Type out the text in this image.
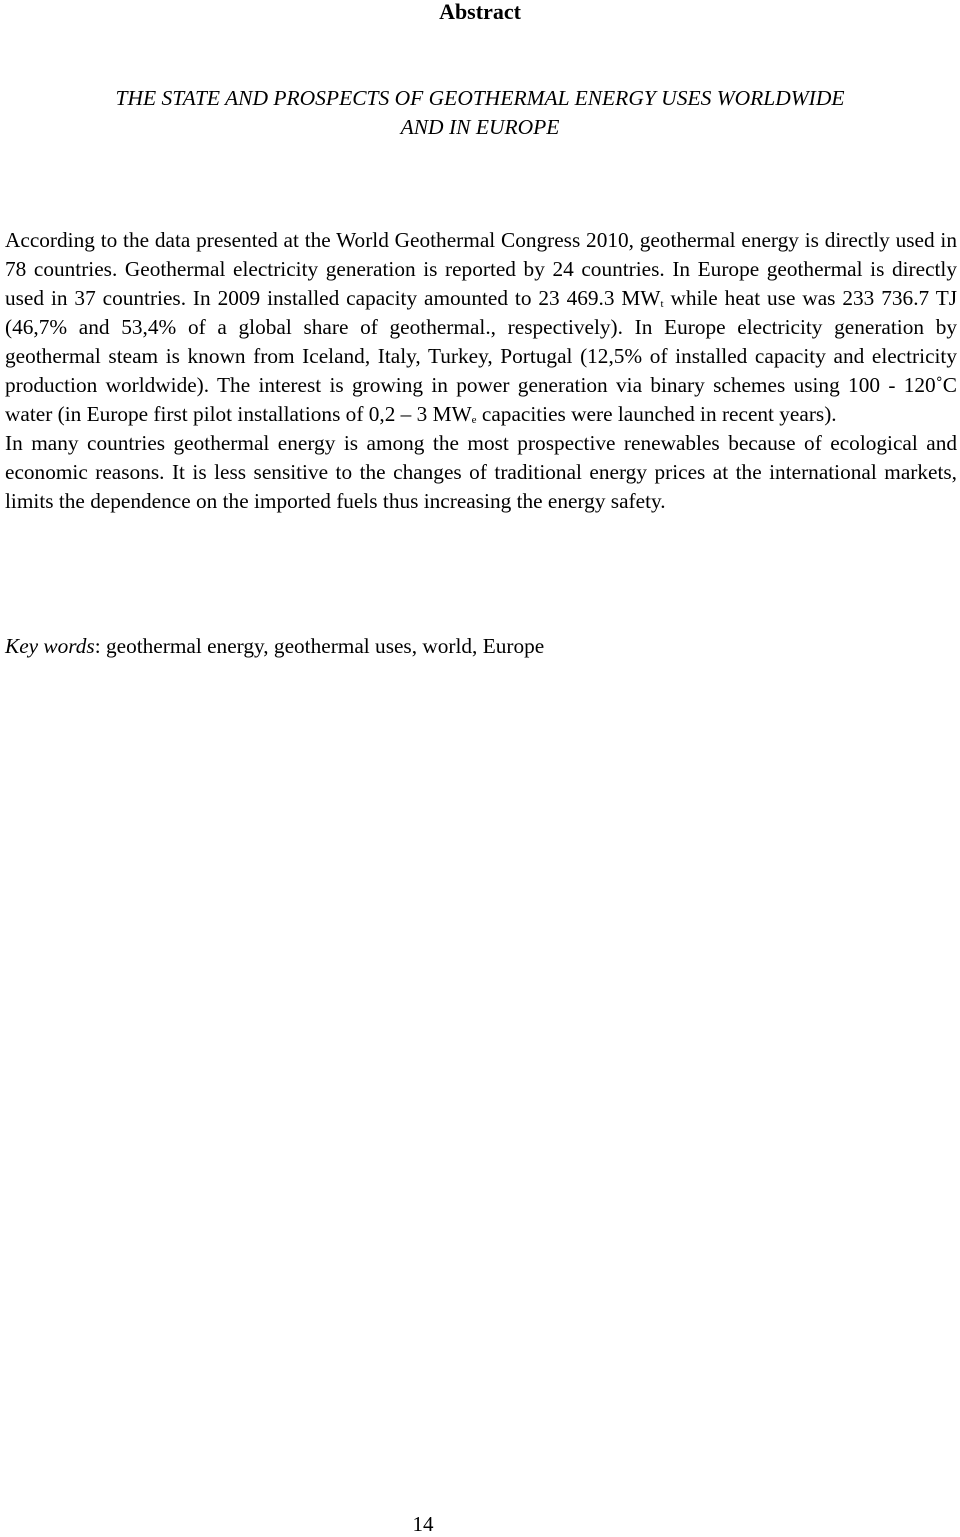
Abstract
THE STATE AND PROSPECTS OF GEOTHERMAL ENERGY USES WORLDWIDE
AND IN EUROPE

According to the data presented at the World Geothermal Congress 2010, geothermal energy is directly used in 78 countries. Geothermal electricity generation is reported by 24 countries. In Europe geothermal is directly used in 37 countries. In 2009 installed capacity amounted to 23 469.3 $MW_t$ while heat use was 233 736.7 TJ (46,7% and 53,4% of a global share of geothermal., respectively). In Europe electricity generation by geothermal steam is known from Iceland, Italy, Turkey, Portugal (12,5% of installed capacity and electricity production worldwide). The interest is growing in power generation via binary schemes using 100 - 120˚C water (in Europe first pilot installations of 0,2 – 3 $MW_e$ capacities were launched in recent years).

In many countries geothermal energy is among the most prospective renewables because of ecological and economic reasons. It is less sensitive to the changes of traditional energy prices at the international markets, limits the dependence on the imported fuels thus increasing the energy safety.

Key words: geothermal energy, geothermal uses, world, Europe
14
